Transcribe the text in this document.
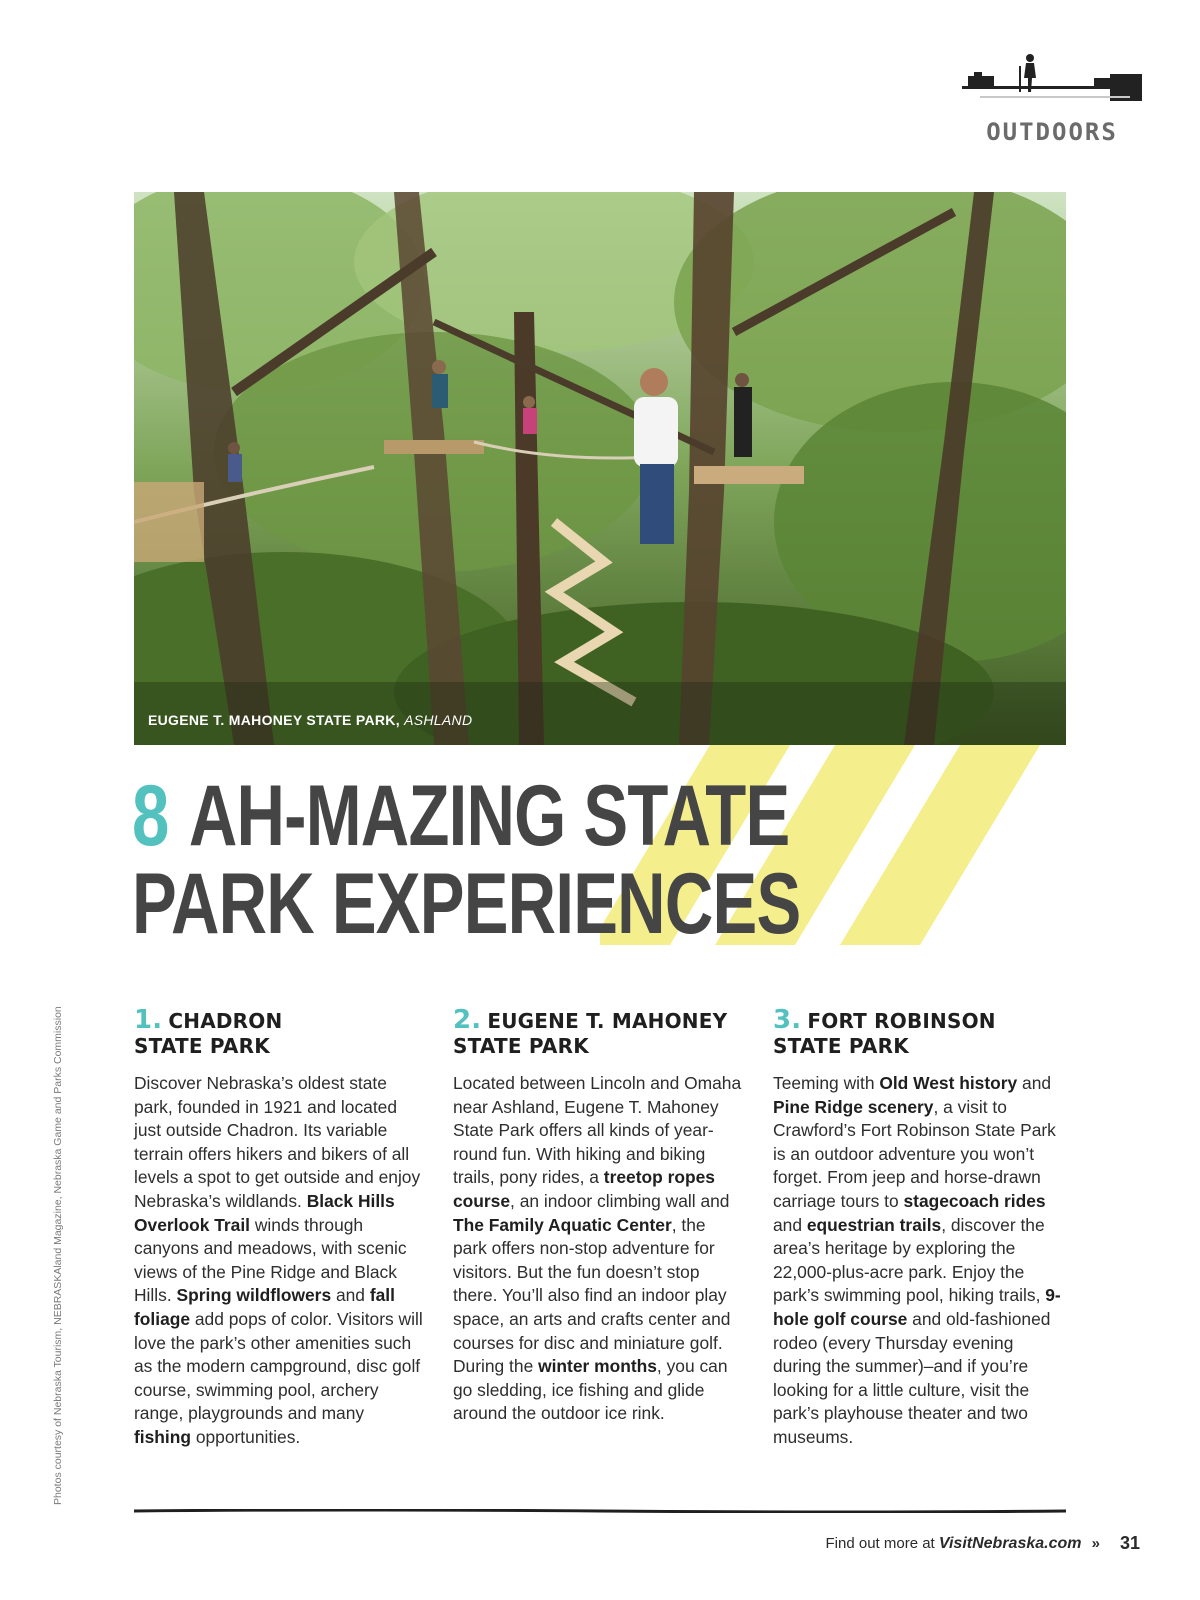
OUTDOORS
EUGENE T. MAHONEY STATE PARK, ASHLAND
8 AH-MAZING STATE
PARK EXPERIENCES
1. CHADRON
STATE PARK

Discover Nebraska’s oldest state park, founded in 1921 and located just outside Chadron. Its variable terrain offers hikers and bikers of all levels a spot to get outside and enjoy Nebraska’s wildlands. Black Hills Overlook Trail winds through canyons and meadows, with scenic views of the Pine Ridge and Black Hills. Spring wildflowers and fall foliage add pops of color. Visitors will love the park’s other amenities such as the modern campground, disc golf course, swimming pool, archery range, playgrounds and many fishing opportunities.

2. EUGENE T. MAHONEY
STATE PARK

Located between Lincoln and Omaha near Ashland, Eugene T. Mahoney State Park offers all kinds of year-round fun. With hiking and biking trails, pony rides, a treetop ropes course, an indoor climbing wall and The Family Aquatic Center, the park offers non-stop adventure for visitors. But the fun doesn’t stop there. You’ll also find an indoor play space, an arts and crafts center and courses for disc and miniature golf. During the winter months, you can go sledding, ice fishing and glide around the outdoor ice rink.

3. FORT ROBINSON
STATE PARK

Teeming with Old West history and Pine Ridge scenery, a visit to Crawford’s Fort Robinson State Park is an outdoor adventure you won’t forget. From jeep and horse-drawn carriage tours to stagecoach rides and equestrian trails, discover the area’s heritage by exploring the 22,000-plus-acre park. Enjoy the park’s swimming pool, hiking trails, 9-hole golf course and old-fashioned rodeo (every Thursday evening during the summer)–and if you’re looking for a little culture, visit the park’s playhouse theater and two museums.

Photos courtesy of Nebraska Tourism, NEBRASKAland Magazine, Nebraska Game and Parks Commission
Find out more at VisitNebraska.com » 31
